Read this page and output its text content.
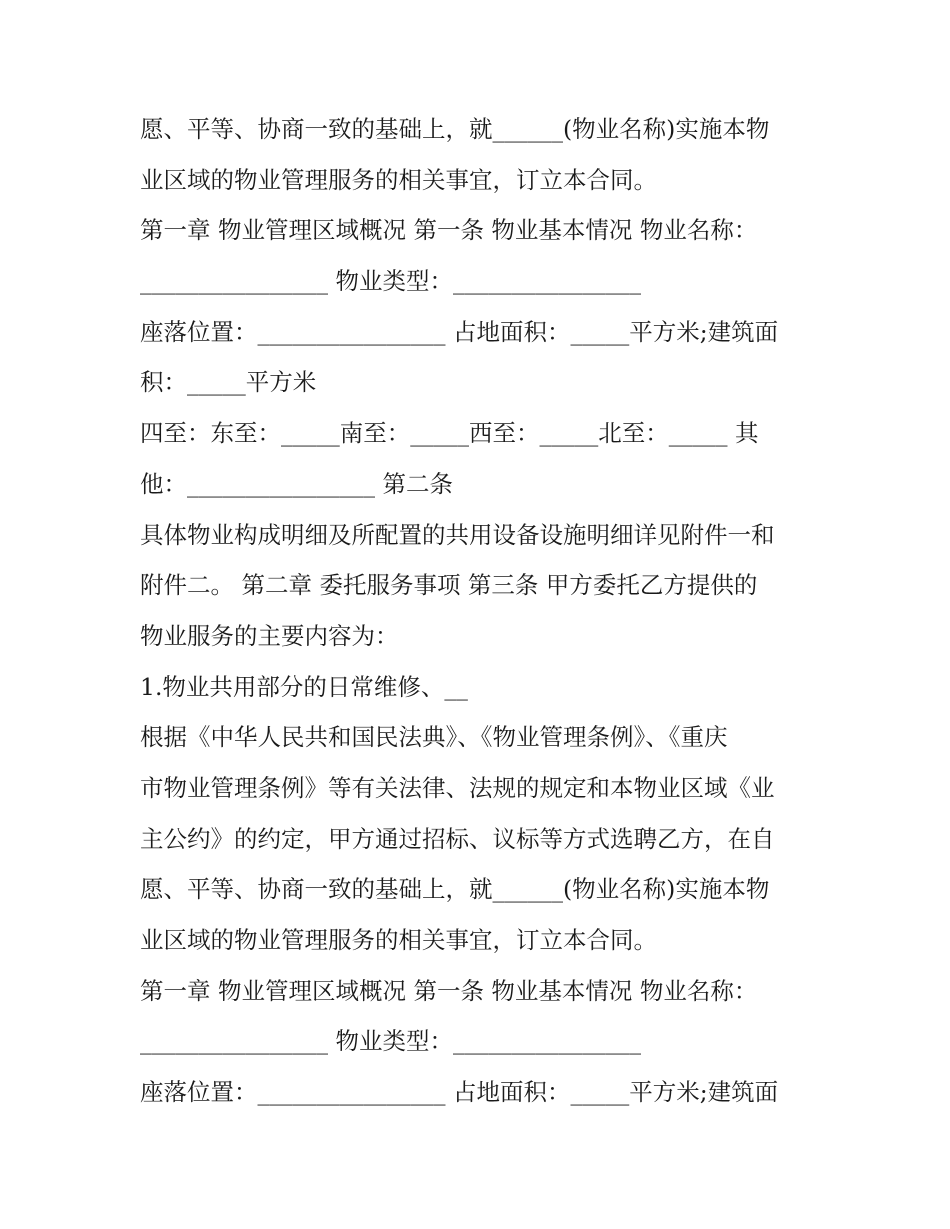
愿、平等、协商一致的基础上，就______(物业名称)实施本物
业区域的物业管理服务的相关事宜，订立本合同。
第一章 物业管理区域概况 第一条 物业基本情况 物业名称：
________________ 物业类型：________________
座落位置：________________ 占地面积：_____平方米;建筑面
积：_____平方米
四至：东至：_____南至：_____西至：_____北至：_____ 其
他：________________ 第二条
具体物业构成明细及所配置的共用设备设施明细详见附件一和
附件二。 第二章 委托服务事项 第三条 甲方委托乙方提供的
物业服务的主要内容为：
1.物业共用部分的日常维修、__
根据《中华人民共和国民法典》、《物业管理条例》、《重庆
市物业管理条例》等有关法律、法规的规定和本物业区域《业
主公约》的约定，甲方通过招标、议标等方式选聘乙方，在自
愿、平等、协商一致的基础上，就______(物业名称)实施本物
业区域的物业管理服务的相关事宜，订立本合同。
第一章 物业管理区域概况 第一条 物业基本情况 物业名称：
________________ 物业类型：________________
座落位置：________________ 占地面积：_____平方米;建筑面
